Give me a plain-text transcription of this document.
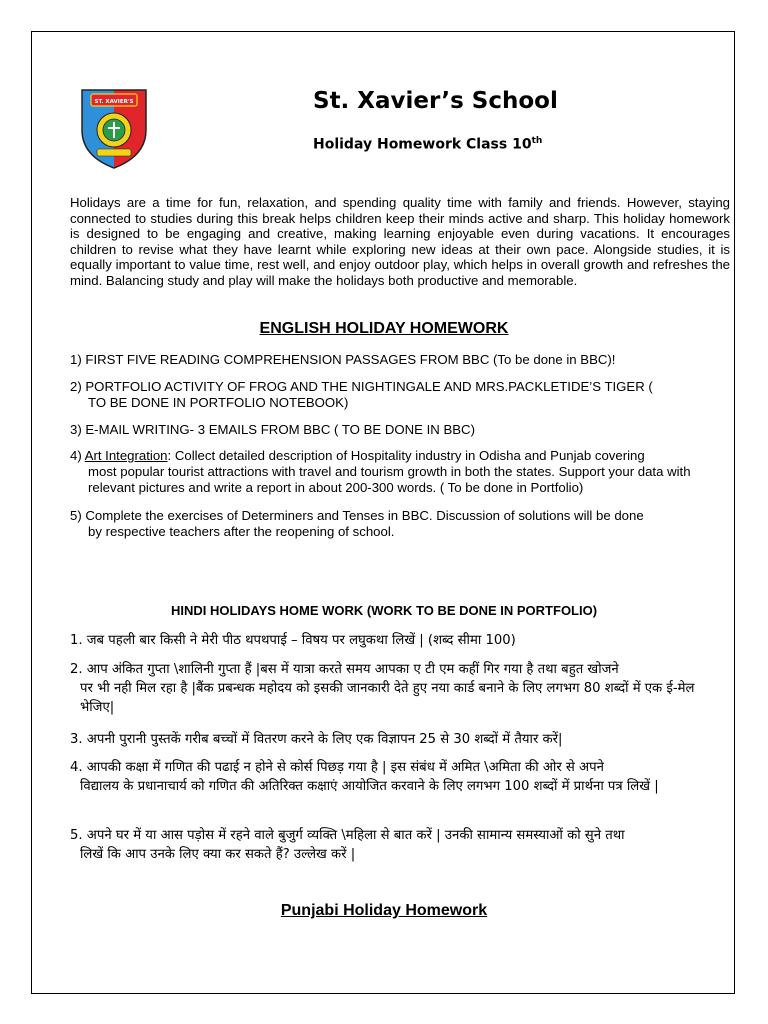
ST. XAVIER'S	St. Xavier’s School
Holiday Homework Class 10th
Holidays are a time for fun, relaxation, and spending quality time with family and friends. However, staying connected to studies during this break helps children keep their minds active and sharp. This holiday homework is designed to be engaging and creative, making learning enjoyable even during vacations. It encourages children to revise what they have learnt while exploring new ideas at their own pace. Alongside studies, it is equally important to value time, rest well, and enjoy outdoor play, which helps in overall growth and refreshes the mind. Balancing study and play will make the holidays both productive and memorable.
ENGLISH HOLIDAY HOMEWORK
1) FIRST FIVE READING COMPREHENSION PASSAGES FROM BBC (To be done in BBC)!
2) PORTFOLIO ACTIVITY OF FROG AND THE NIGHTINGALE AND MRS.PACKLETIDE’S TIGER (
TO BE DONE IN PORTFOLIO NOTEBOOK)
3) E-MAIL WRITING- 3 EMAILS FROM BBC ( TO BE DONE IN BBC)
4) Art Integration: Collect detailed description of Hospitality industry in Odisha and Punjab covering
most popular tourist attractions with travel and tourism growth in both the states. Support your data with relevant pictures and write a report in about 200-300 words. ( To be done in Portfolio)
5) Complete the exercises of Determiners and Tenses in BBC. Discussion of solutions will be done
by respective teachers after the reopening of school.
HINDI HOLIDAYS HOME WORK (WORK TO BE DONE IN PORTFOLIO)
1. जब पहली बार किसी ने मेरी पीठ थपथपाई – विषय पर लघुकथा लिखें | (शब्द सीमा 100)
2. आप अंकित गुप्ता \शालिनी गुप्ता हैं |बस में यात्रा करते समय आपका ए टी एम कहीं गिर गया है तथा बहुत खोजने
पर भी नही मिल रहा है |बैंक प्रबन्धक महोदय को इसकी जानकारी देते हुए नया कार्ड बनाने के लिए लगभग 80 शब्दों में एक ई-मेल भेजिए|
3. अपनी पुरानी पुस्तकें गरीब बच्चों में वितरण करने के लिए एक विज्ञापन 25 से 30 शब्दों में तैयार करें|
4. आपकी कक्षा में गणित की पढाई न होने से कोर्स पिछड़ गया है | इस संबंध में अमित \अमिता की ओर से अपने
विद्यालय के प्रधानाचार्य को गणित की अतिरिक्त कक्षाएं आयोजित करवाने के लिए लगभग 100 शब्दों में प्रार्थना पत्र लिखें |
5. अपने घर में या आस पड़ोस में रहने वाले बुजुर्ग व्यक्ति \महिला से बात करें | उनकी सामान्य समस्याओं को सुने तथा
लिखें कि आप उनके लिए क्या कर सकते हैं? उल्लेख करें |
Punjabi Holiday Homework
